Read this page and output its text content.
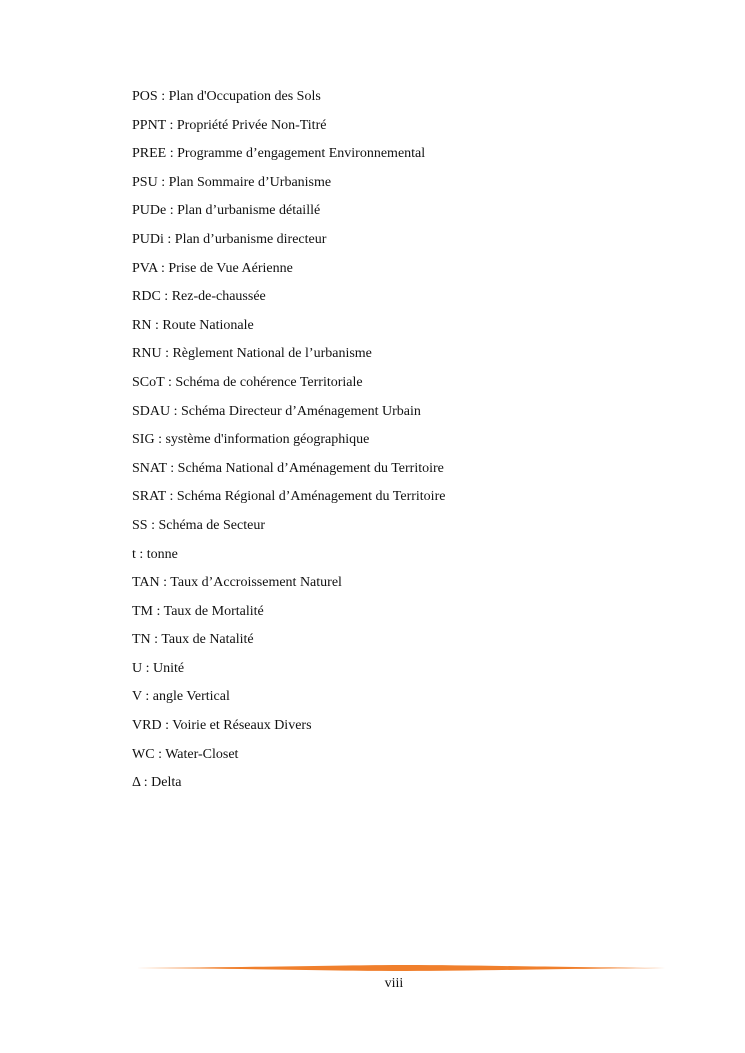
POS : Plan d'Occupation des Sols
PPNT : Propriété Privée Non-Titré
PREE : Programme d’engagement Environnemental
PSU : Plan Sommaire d’Urbanisme
PUDe : Plan d’urbanisme détaillé
PUDi : Plan d’urbanisme directeur
PVA : Prise de Vue Aérienne
RDC : Rez-de-chaussée
RN : Route Nationale
RNU : Règlement National de l’urbanisme
SCoT : Schéma de cohérence Territoriale
SDAU : Schéma Directeur d’Aménagement Urbain
SIG : système d'information géographique
SNAT : Schéma National d’Aménagement du Territoire
SRAT : Schéma Régional d’Aménagement du Territoire
SS : Schéma de Secteur
t : tonne
TAN : Taux d’Accroissement Naturel
TM : Taux de Mortalité
TN : Taux de Natalité
U : Unité
V : angle Vertical
VRD : Voirie et Réseaux Divers
WC : Water-Closet
Δ : Delta
viii
